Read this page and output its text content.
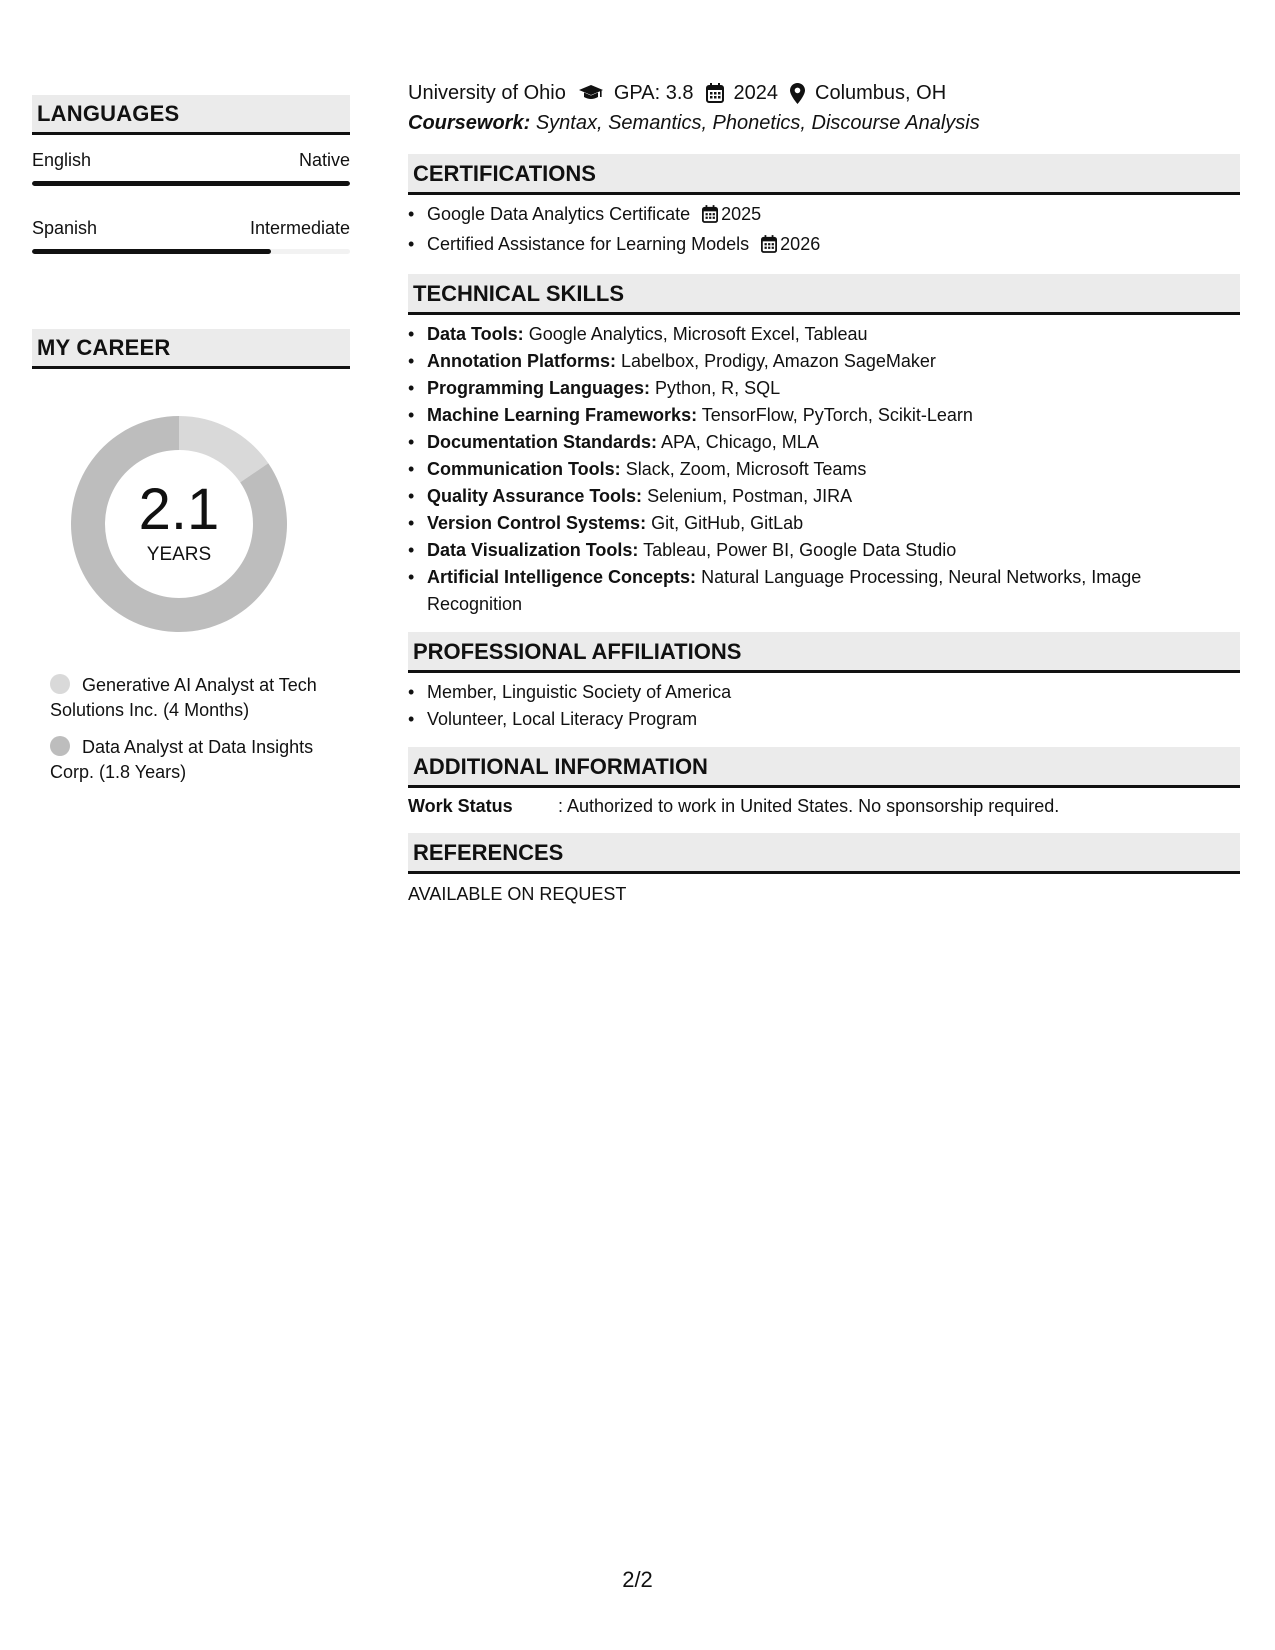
LANGUAGES
English	Native
Spanish	Intermediate
MY CAREER
2.1
YEARS
Generative AI Analyst at Tech Solutions Inc. (4 Months)
Data Analyst at Data Insights Corp. (1.8 Years)
University of Ohio GPA: 3.8 2024 Columbus, OH
Coursework: Syntax, Semantics, Phonetics, Discourse Analysis
CERTIFICATIONS
• Google Data Analytics Certificate 2025
• Certified Assistance for Learning Models 2026
TECHNICAL SKILLS
• Data Tools: Google Analytics, Microsoft Excel, Tableau
• Annotation Platforms: Labelbox, Prodigy, Amazon SageMaker
• Programming Languages: Python, R, SQL
• Machine Learning Frameworks: TensorFlow, PyTorch, Scikit-Learn
• Documentation Standards: APA, Chicago, MLA
• Communication Tools: Slack, Zoom, Microsoft Teams
• Quality Assurance Tools: Selenium, Postman, JIRA
• Version Control Systems: Git, GitHub, GitLab
• Data Visualization Tools: Tableau, Power BI, Google Data Studio
• Artificial Intelligence Concepts: Natural Language Processing, Neural Networks, Image Recognition
PROFESSIONAL AFFILIATIONS
• Member, Linguistic Society of America
• Volunteer, Local Literacy Program
ADDITIONAL INFORMATION
Work Status	: Authorized to work in United States. No sponsorship required.
REFERENCES
AVAILABLE ON REQUEST
2/2
